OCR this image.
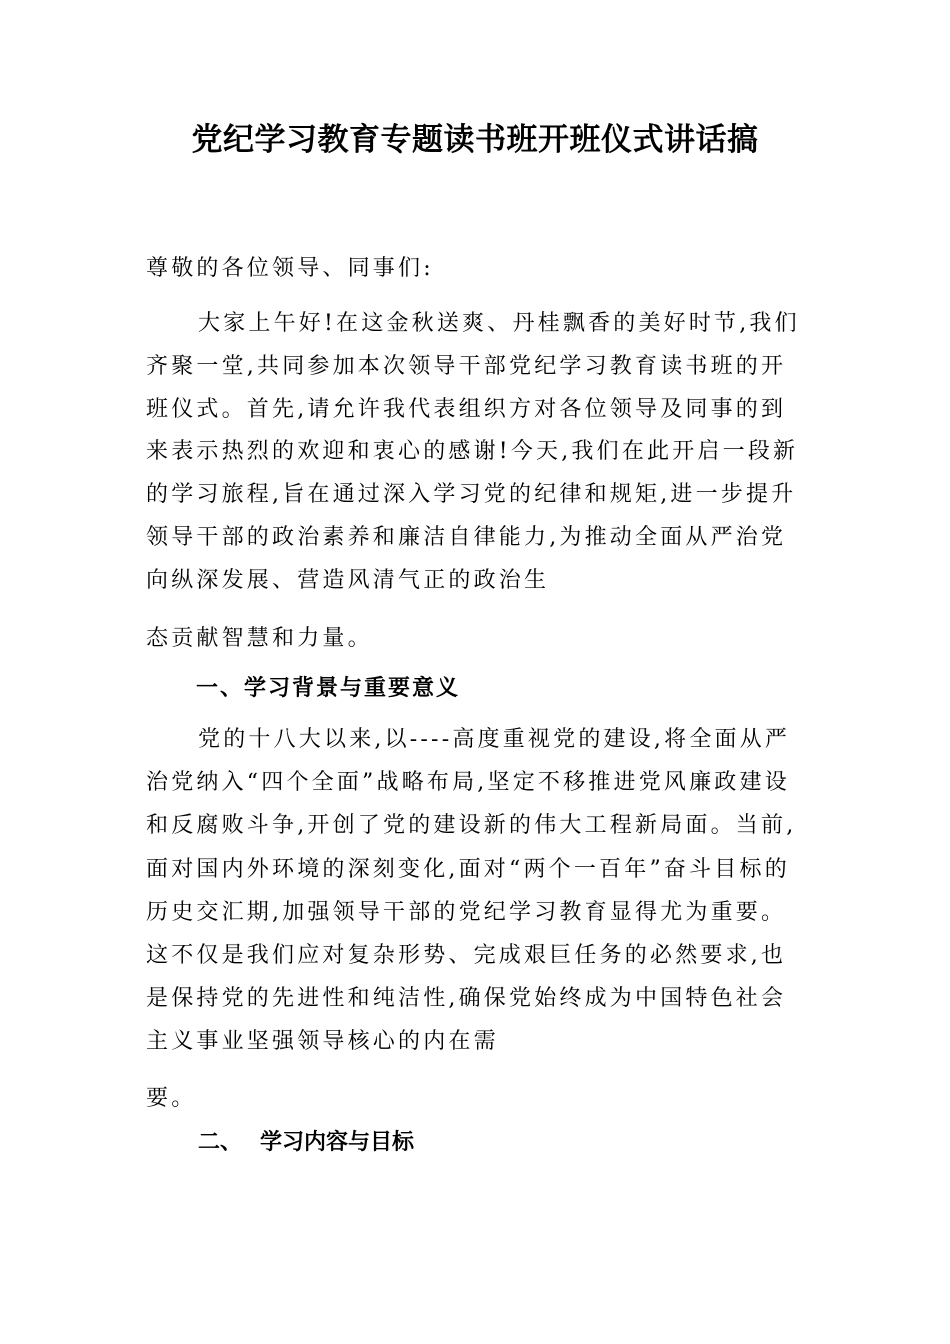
党纪学习教育专题读书班开班仪式讲话搞

尊敬的各位领导、同事们:

大家上午好!在这金秋送爽、丹桂飘香的美好时节,我们齐聚一堂,共同参加本次领导干部党纪学习教育读书班的开班仪式。首先,请允许我代表组织方对各位领导及同事的到来表示热烈的欢迎和衷心的感谢!今天,我们在此开启一段新的学习旅程,旨在通过深入学习党的纪律和规矩,进一步提升领导干部的政治素养和廉洁自律能力,为推动全面从严治党向纵深发展、营造风清气正的政治生

态贡献智慧和力量。

一、学习背景与重要意义

党的十八大以来,以----高度重视党的建设,将全面从严治党纳入“四个全面”战略布局,坚定不移推进党风廉政建设和反腐败斗争,开创了党的建设新的伟大工程新局面。当前,面对国内外环境的深刻变化,面对“两个一百年”奋斗目标的历史交汇期,加强领导干部的党纪学习教育显得尤为重要。这不仅是我们应对复杂形势、完成艰巨任务的必然要求,也是保持党的先进性和纯洁性,确保党始终成为中国特色社会主义事业坚强领导核心的内在需

要。

二、 学习内容与目标
